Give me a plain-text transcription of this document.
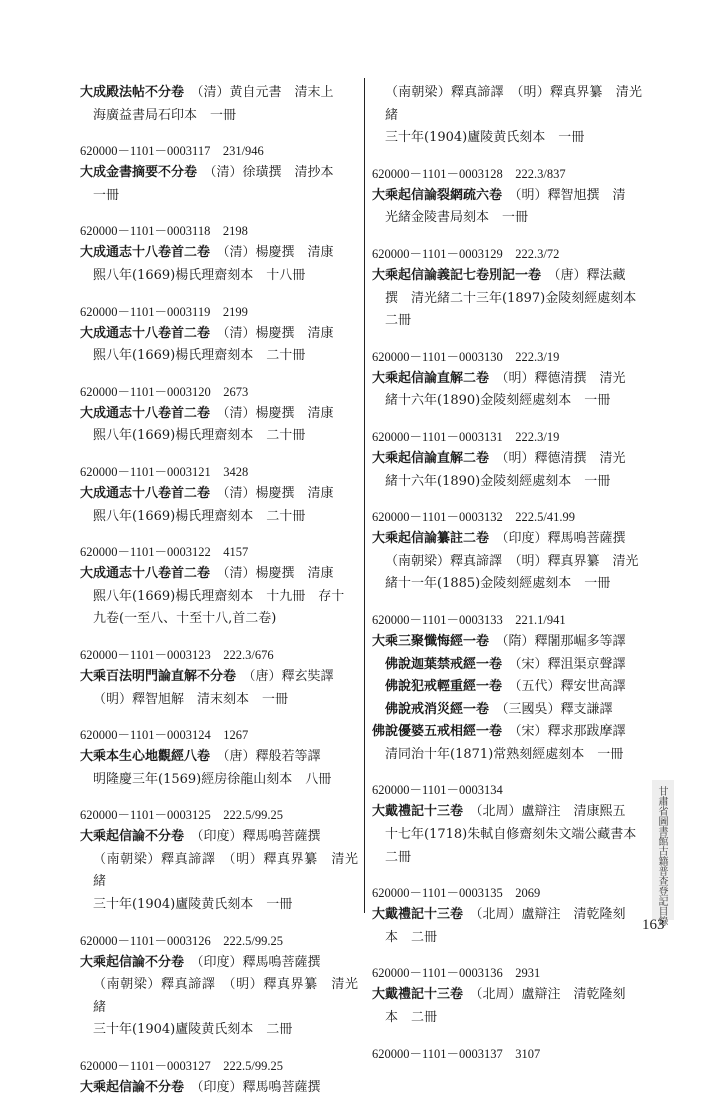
大成殿法帖不分卷　 （清）黄自元書　清末上

海廣益書局石印本　一冊

620000－1101－0003117　231/946

大成金書摘要不分卷　 （清）徐璜撰　清抄本

一冊

620000－1101－0003118　2198

大成通志十八卷首二卷　 （清）楊慶撰　清康

熙八年(1669)楊氏理齋刻本　十八冊

620000－1101－0003119　2199

大成通志十八卷首二卷　 （清）楊慶撰　清康

熙八年(1669)楊氏理齋刻本　二十冊

620000－1101－0003120　2673

大成通志十八卷首二卷　 （清）楊慶撰　清康

熙八年(1669)楊氏理齋刻本　二十冊

620000－1101－0003121　3428

大成通志十八卷首二卷　 （清）楊慶撰　清康

熙八年(1669)楊氏理齋刻本　二十冊

620000－1101－0003122　4157

大成通志十八卷首二卷　 （清）楊慶撰　清康

熙八年(1669)楊氏理齋刻本　十九冊　存十

九卷(一至八、十至十八,首二卷)

620000－1101－0003123　222.3/676

大乘百法明門論直解不分卷　 （唐）釋玄奘譯

（明）釋智旭解　清末刻本　一冊

620000－1101－0003124　1267

大乘本生心地觀經八卷　 （唐）釋般若等譯

明隆慶三年(1569)經房徐龍山刻本　八冊

620000－1101－0003125　222.5/99.25

大乘起信論不分卷　 （印度）釋馬鳴菩薩撰

（南朝梁）釋真諦譯　（明）釋真界纂　清光緒

三十年(1904)廬陵黄氏刻本　一冊

620000－1101－0003126　222.5/99.25

大乘起信論不分卷　 （印度）釋馬鳴菩薩撰

（南朝梁）釋真諦譯　（明）釋真界纂　清光緒

三十年(1904)廬陵黄氏刻本　二冊

620000－1101－0003127　222.5/99.25

大乘起信論不分卷　 （印度）釋馬鳴菩薩撰

（南朝梁）釋真諦譯　（明）釋真界纂　清光緒

三十年(1904)廬陵黄氏刻本　一冊

620000－1101－0003128　222.3/837

大乘起信論裂網疏六卷　 （明）釋智旭撰　清

光緒金陵書局刻本　一冊

620000－1101－0003129　222.3/72

大乘起信論義記七卷別記一卷　 （唐）釋法藏

撰　清光緒二十三年(1897)金陵刻經處刻本

二冊

620000－1101－0003130　222.3/19

大乘起信論直解二卷　 （明）釋德清撰　清光

緒十六年(1890)金陵刻經處刻本　一冊

620000－1101－0003131　222.3/19

大乘起信論直解二卷　 （明）釋德清撰　清光

緒十六年(1890)金陵刻經處刻本　一冊

620000－1101－0003132　222.5/41.99

大乘起信論纂註二卷　 （印度）釋馬鳴菩薩撰

（南朝梁）釋真諦譯　（明）釋真界纂　清光

緒十一年(1885)金陵刻經處刻本　一冊

620000－1101－0003133　221.1/941

大乘三聚懺悔經一卷　 （隋）釋闍那崛多等譯

佛說迦葉禁戒經一卷　 （宋）釋沮渠京聲譯

佛說犯戒輕重經一卷　 （五代）釋安世高譯

佛說戒消災經一卷　 （三國吳）釋支謙譯

佛說優婆五戒相經一卷　 （宋）釋求那跋摩譯

清同治十年(1871)常熟刻經處刻本　一冊

620000－1101－0003134

大戴禮記十三卷　 （北周）盧辯注　清康熙五

十七年(1718)朱軾自修齋刻朱文端公藏書本

二冊

620000－1101－0003135　2069

大戴禮記十三卷　 （北周）盧辯注　清乾隆刻

本　二冊

620000－1101－0003136　2931

大戴禮記十三卷　 （北周）盧辯注　清乾隆刻

本　二冊

620000－1101－0003137　3107

甘肅省圖書館古籍普查登記目錄
163
